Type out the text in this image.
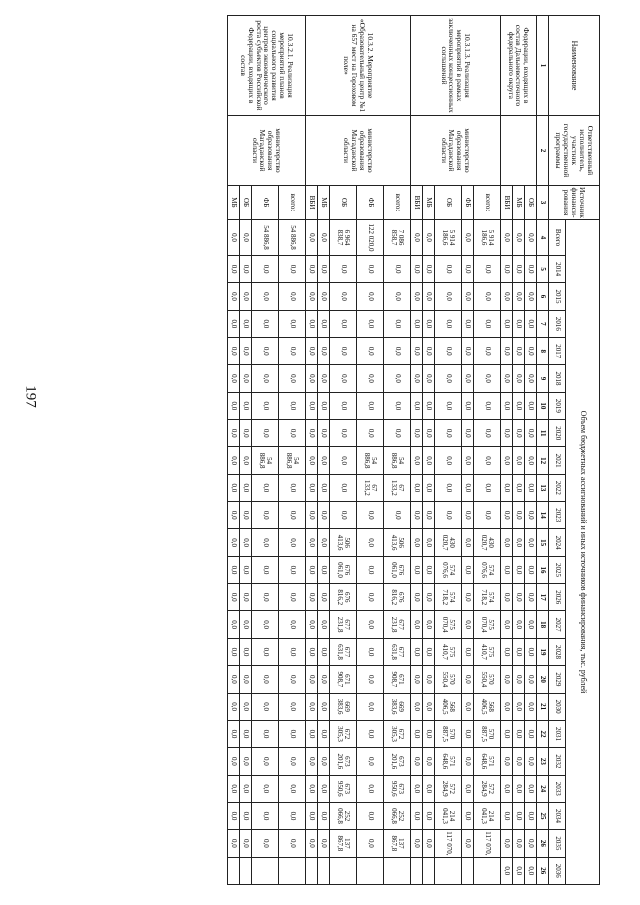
197
Наименование	Ответственный исполнитель, участник государственной программы	Источник финанси-рования	Объем бюджетных ассигнований и иных источников финансирования, тыс. рублей																							
			Всего	2014	2015	2016	2017	2018	2019	2020	2021	2022	2023	2024	2025	2026	2027	2028	2029	2030	2031	2032	2033	2034	2035	2036
1	2	3	4	5	6	7	8	9	10	11	12	13	14	15	16	17	18	19	20	21	22	23	24	25	26	26
Федерации, входящих в состав Дальневосточного федерального округа		ОБ	0,0	0,0	0,0	0,0	0,0	0,0	0,0	0,0	0,0	0,0	0,0	0,0	0,0	0,0	0,0	0,0	0,0	0,0	0,0	0,0	0,0	0,0	0,0	0,0
		МБ	0,0	0,0	0,0	0,0	0,0	0,0	0,0	0,0	0,0	0,0	0,0	0,0	0,0	0,0	0,0	0,0	0,0	0,0	0,0	0,0	0,0	0,0	0,0	0,0
		ВБИ	0,0	0,0	0,0	0,0	0,0	0,0	0,0	0,0	0,0	0,0	0,0	0,0	0,0	0,0	0,0	0,0	0,0	0,0	0,0	0,0	0,0	0,0	0,0	0,0
10.3.1.3. Реализация мероприятий в рамках заключенных концессионных соглашений	министерство образования Магаданской области	всего:	5 914 186,6	0,0	0,0	0,0	0,0	0,0	0,0	0,0	0,0	0,0	0,0	430 020,7	574 076,6	574 718,2	575 070,4	575 410,7	570 550,4	568 406,5	570 887,5	571 648,6	572 284,9	214 041,3	117 070,	
		ФБ	0,0	0,0	0,0	0,0	0,0	0,0	0,0	0,0	0,0	0,0	0,0	0,0	0,0	0,0	0,0	0,0	0,0	0,0	0,0	0,0	0,0	0,0	0,0	
		ОБ	5 914 186,6	0,0	0,0	0,0	0,0	0,0	0,0	0,0	0,0	0,0	0,0	430 020,7	574 076,6	574 718,2	575 070,4	575 410,7	570 550,4	568 406,5	570 887,5	571 648,6	572 284,9	214 041,3	117 070,	
		МБ	0,0	0,0	0,0	0,0	0,0	0,0	0,0	0,0	0,0	0,0	0,0	0,0	0,0	0,0	0,0	0,0	0,0	0,0	0,0	0,0	0,0	0,0	0,0	
		ВБИ	0,0	0,0	0,0	0,0	0,0	0,0	0,0	0,0	0,0	0,0	0,0	0,0	0,0	0,0	0,0	0,0	0,0	0,0	0,0	0,0	0,0	0,0	0,0	
10.3.2. Мероприятие «Образовательный центр №1 на 657 мест на Гороховом поле»	министерство образования Магаданской области	всего:	7 086 858,7	0,0	0,0	0,0	0,0	0,0	0,0	0,0	54 886,8	67 133,2	0,0	506 413,6	676 061,0	676 816,2	677 231,8	677 631,8	671 908,7	669 383,6	672 305,3	673 201,6	673 950,6	252 066,8	137 867,8	
		ФБ	122 020,0	0,0	0,0	0,0	0,0	0,0	0,0	0,0	54 886,8	67 133,2	0,0	0,0	0,0	0,0	0,0	0,0	0,0	0,0	0,0	0,0	0,0	0,0	0,0	
		ОБ	6 964 838,7	0,0	0,0	0,0	0,0	0,0	0,0	0,0	0,0	0,0	0,0	506 413,6	676 061,0	676 816,2	677 231,8	677 631,8	671 908,7	669 383,6	672 305,3	673 201,6	673 950,6	252 066,8	137 867,8	
		МБ	0,0	0,0	0,0	0,0	0,0	0,0	0,0	0,0	0,0	0,0	0,0	0,0	0,0	0,0	0,0	0,0	0,0	0,0	0,0	0,0	0,0	0,0	0,0	
		ВБИ	0,0	0,0	0,0	0,0	0,0	0,0	0,0	0,0	0,0	0,0	0,0	0,0	0,0	0,0	0,0	0,0	0,0	0,0	0,0	0,0	0,0	0,0	0,0	
10.3.2.1. Реализация мероприятий планов социального развития центров экономического роста субъектов Российской Федерации, входящих в состав	министерство образования Магаданской области	всего:	54 886,8	0,0	0,0	0,0	0,0	0,0	0,0	0,0	54 886,8	0,0	0,0	0,0	0,0	0,0	0,0	0,0	0,0	0,0	0,0	0,0	0,0	0,0	0,0	
		ФБ	54 886,8	0,0	0,0	0,0	0,0	0,0	0,0	0,0	54 886,8	0,0	0,0	0,0	0,0	0,0	0,0	0,0	0,0	0,0	0,0	0,0	0,0	0,0	0,0	
		ОБ	0,0	0,0	0,0	0,0	0,0	0,0	0,0	0,0	0,0	0,0	0,0	0,0	0,0	0,0	0,0	0,0	0,0	0,0	0,0	0,0	0,0	0,0	0,0	
		МБ	0,0	0,0	0,0	0,0	0,0	0,0	0,0	0,0	0,0	0,0	0,0	0,0	0,0	0,0	0,0	0,0	0,0	0,0	0,0	0,0	0,0	0,0	0,0	
